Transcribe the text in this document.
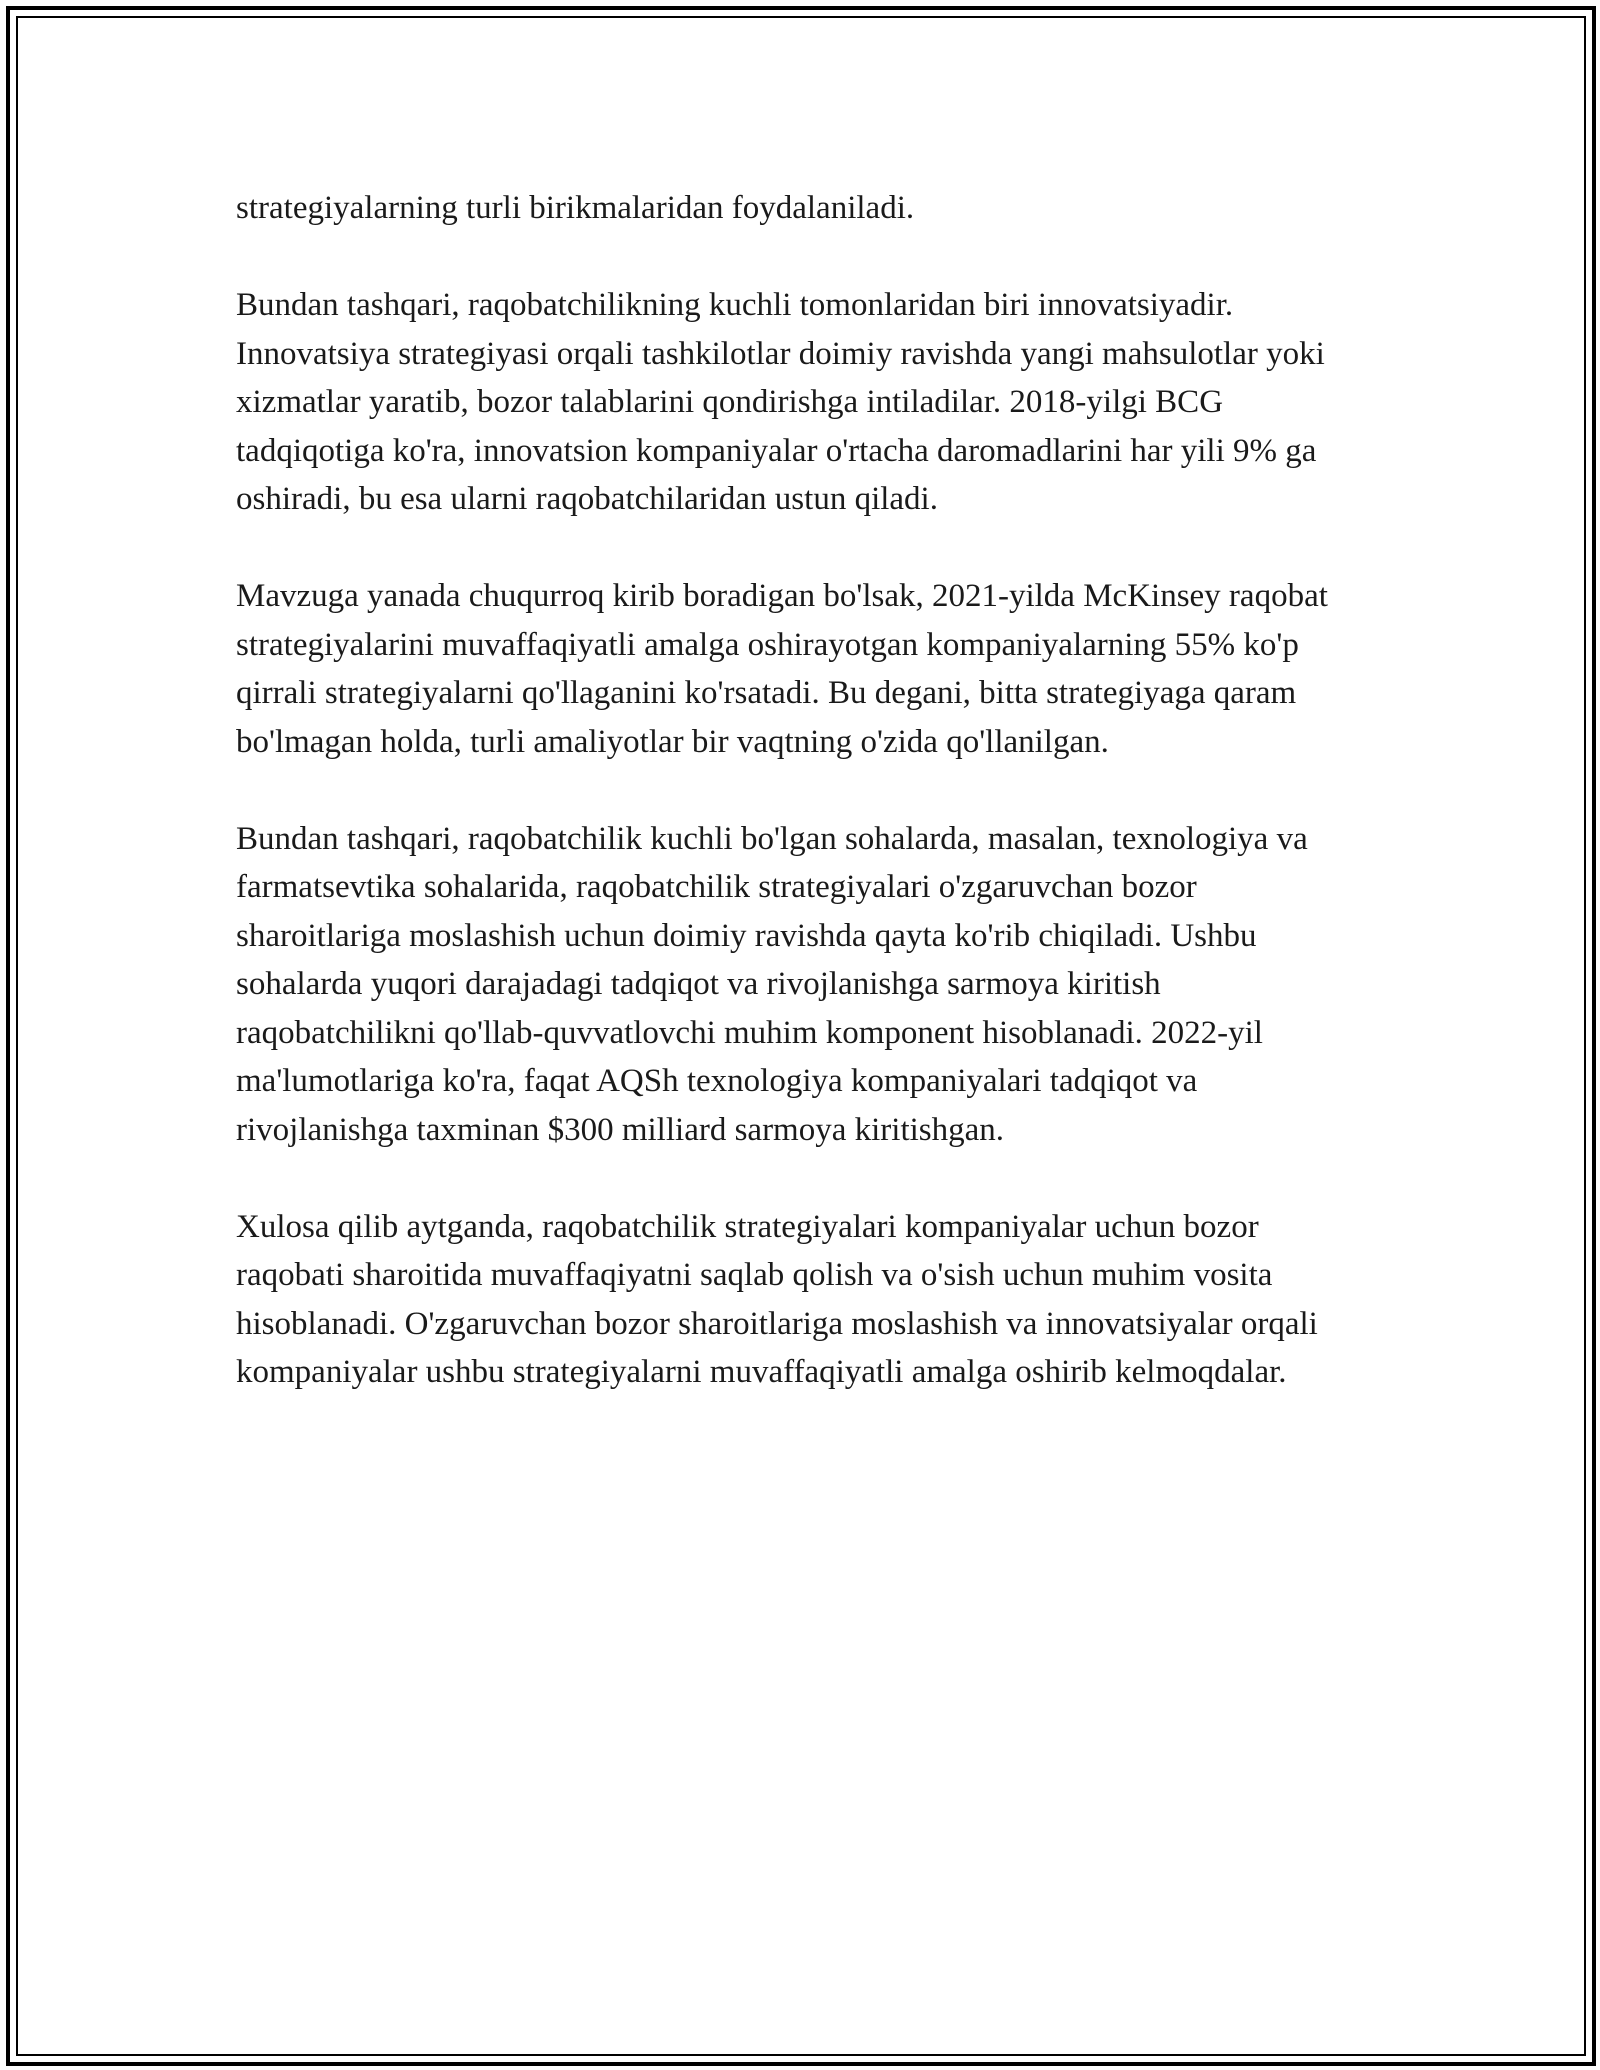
strategiyalarning turli birikmalaridan foydalaniladi.

Bundan tashqari, raqobatchilikning kuchli tomonlaridan biri innovatsiyadir. Innovatsiya strategiyasi orqali tashkilotlar doimiy ravishda yangi mahsulotlar yoki xizmatlar yaratib, bozor talablarini qondirishga intiladilar. 2018-yilgi BCG tadqiqotiga ko'ra, innovatsion kompaniyalar o'rtacha daromadlarini har yili 9% ga oshiradi, bu esa ularni raqobatchilaridan ustun qiladi.

Mavzuga yanada chuqurroq kirib boradigan bo'lsak, 2021-yilda McKinsey raqobat strategiyalarini muvaffaqiyatli amalga oshirayotgan kompaniyalarning 55% ko'p qirrali strategiyalarni qo'llaganini ko'rsatadi. Bu degani, bitta strategiyaga qaram bo'lmagan holda, turli amaliyotlar bir vaqtning o'zida qo'llanilgan.

Bundan tashqari, raqobatchilik kuchli bo'lgan sohalarda, masalan, texnologiya va farmatsevtika sohalarida, raqobatchilik strategiyalari o'zgaruvchan bozor sharoitlariga moslashish uchun doimiy ravishda qayta ko'rib chiqiladi. Ushbu sohalarda yuqori darajadagi tadqiqot va rivojlanishga sarmoya kiritish raqobatchilikni qo'llab-quvvatlovchi muhim komponent hisoblanadi. 2022-yil ma'lumotlariga ko'ra, faqat AQSh texnologiya kompaniyalari tadqiqot va rivojlanishga taxminan $300 milliard sarmoya kiritishgan.

Xulosa qilib aytganda, raqobatchilik strategiyalari kompaniyalar uchun bozor raqobati sharoitida muvaffaqiyatni saqlab qolish va o'sish uchun muhim vosita hisoblanadi. O'zgaruvchan bozor sharoitlariga moslashish va innovatsiyalar orqali kompaniyalar ushbu strategiyalarni muvaffaqiyatli amalga oshirib kelmoqdalar.
